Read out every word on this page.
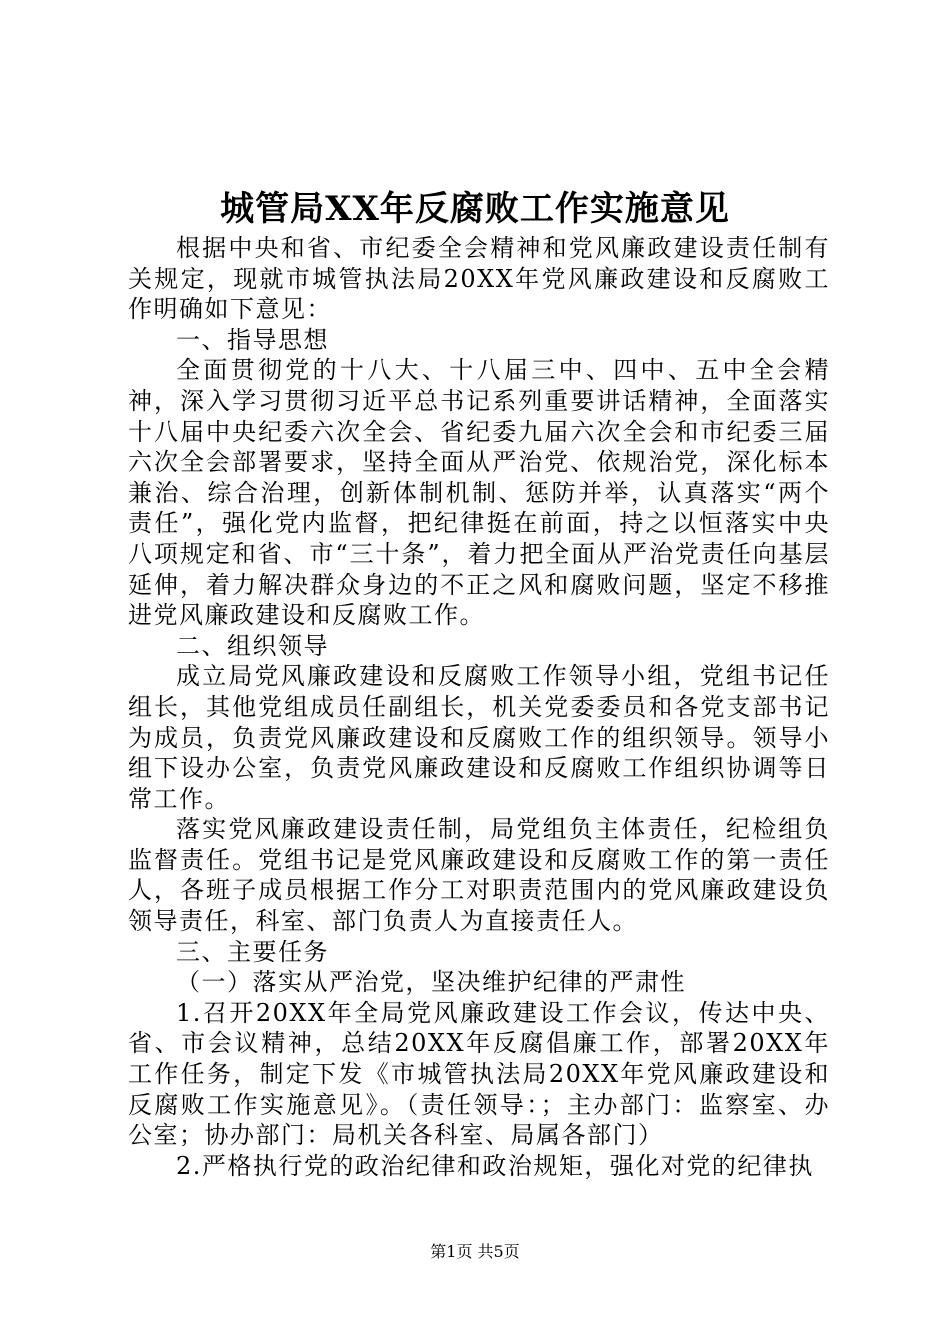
城管局XX年反腐败工作实施意见

根据中央和省、市纪委全会精神和党风廉政建设责任制有关规定，现就市城管执法局20XX年党风廉政建设和反腐败工作明确如下意见：

一、指导思想

全面贯彻党的十八大、十八届三中、四中、五中全会精神，深入学习贯彻习近平总书记系列重要讲话精神，全面落实十八届中央纪委六次全会、省纪委九届六次全会和市纪委三届六次全会部署要求，坚持全面从严治党、依规治党，深化标本兼治、综合治理，创新体制机制、惩防并举，认真落实“两个责任”，强化党内监督，把纪律挺在前面，持之以恒落实中央八项规定和省、市“三十条”，着力把全面从严治党责任向基层延伸，着力解决群众身边的不正之风和腐败问题，坚定不移推进党风廉政建设和反腐败工作。

二、组织领导

成立局党风廉政建设和反腐败工作领导小组，党组书记任组长，其他党组成员任副组长，机关党委委员和各党支部书记为成员，负责党风廉政建设和反腐败工作的组织领导。领导小组下设办公室，负责党风廉政建设和反腐败工作组织协调等日常工作。

落实党风廉政建设责任制，局党组负主体责任，纪检组负监督责任。党组书记是党风廉政建设和反腐败工作的第一责任人，各班子成员根据工作分工对职责范围内的党风廉政建设负领导责任，科室、部门负责人为直接责任人。

三、主要任务

（一）落实从严治党，坚决维护纪律的严肃性

1.召开20XX年全局党风廉政建设工作会议，传达中央、省、市会议精神，总结20XX年反腐倡廉工作，部署20XX年工作任务，制定下发《市城管执法局20XX年党风廉政建设和反腐败工作实施意见》。（责任领导：；主办部门：监察室、办公室；协办部门：局机关各科室、局属各部门）

2.严格执行党的政治纪律和政治规矩，强化对党的纪律执

第1页 共5页
